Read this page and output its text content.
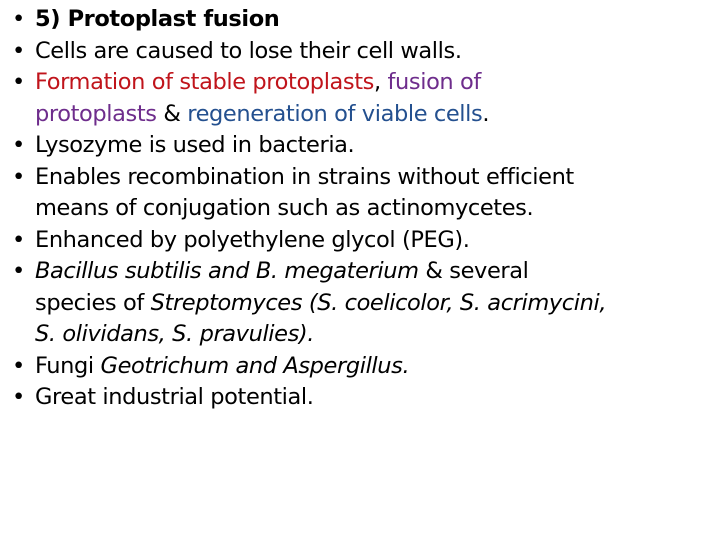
• 5) Protoplast fusion
• Cells are caused to lose their cell walls.
• Formation of stable protoplasts, fusion of
protoplasts & regeneration of viable cells.
• Lysozyme is used in bacteria.
• Enables recombination in strains without efficient
means of conjugation such as actinomycetes.
• Enhanced by polyethylene glycol (PEG).
• Bacillus subtilis and B. megaterium & several
species of Streptomyces (S. coelicolor, S. acrimycini,
S. olividans, S. pravulies).
• Fungi Geotrichum and Aspergillus.
• Great industrial potential.
